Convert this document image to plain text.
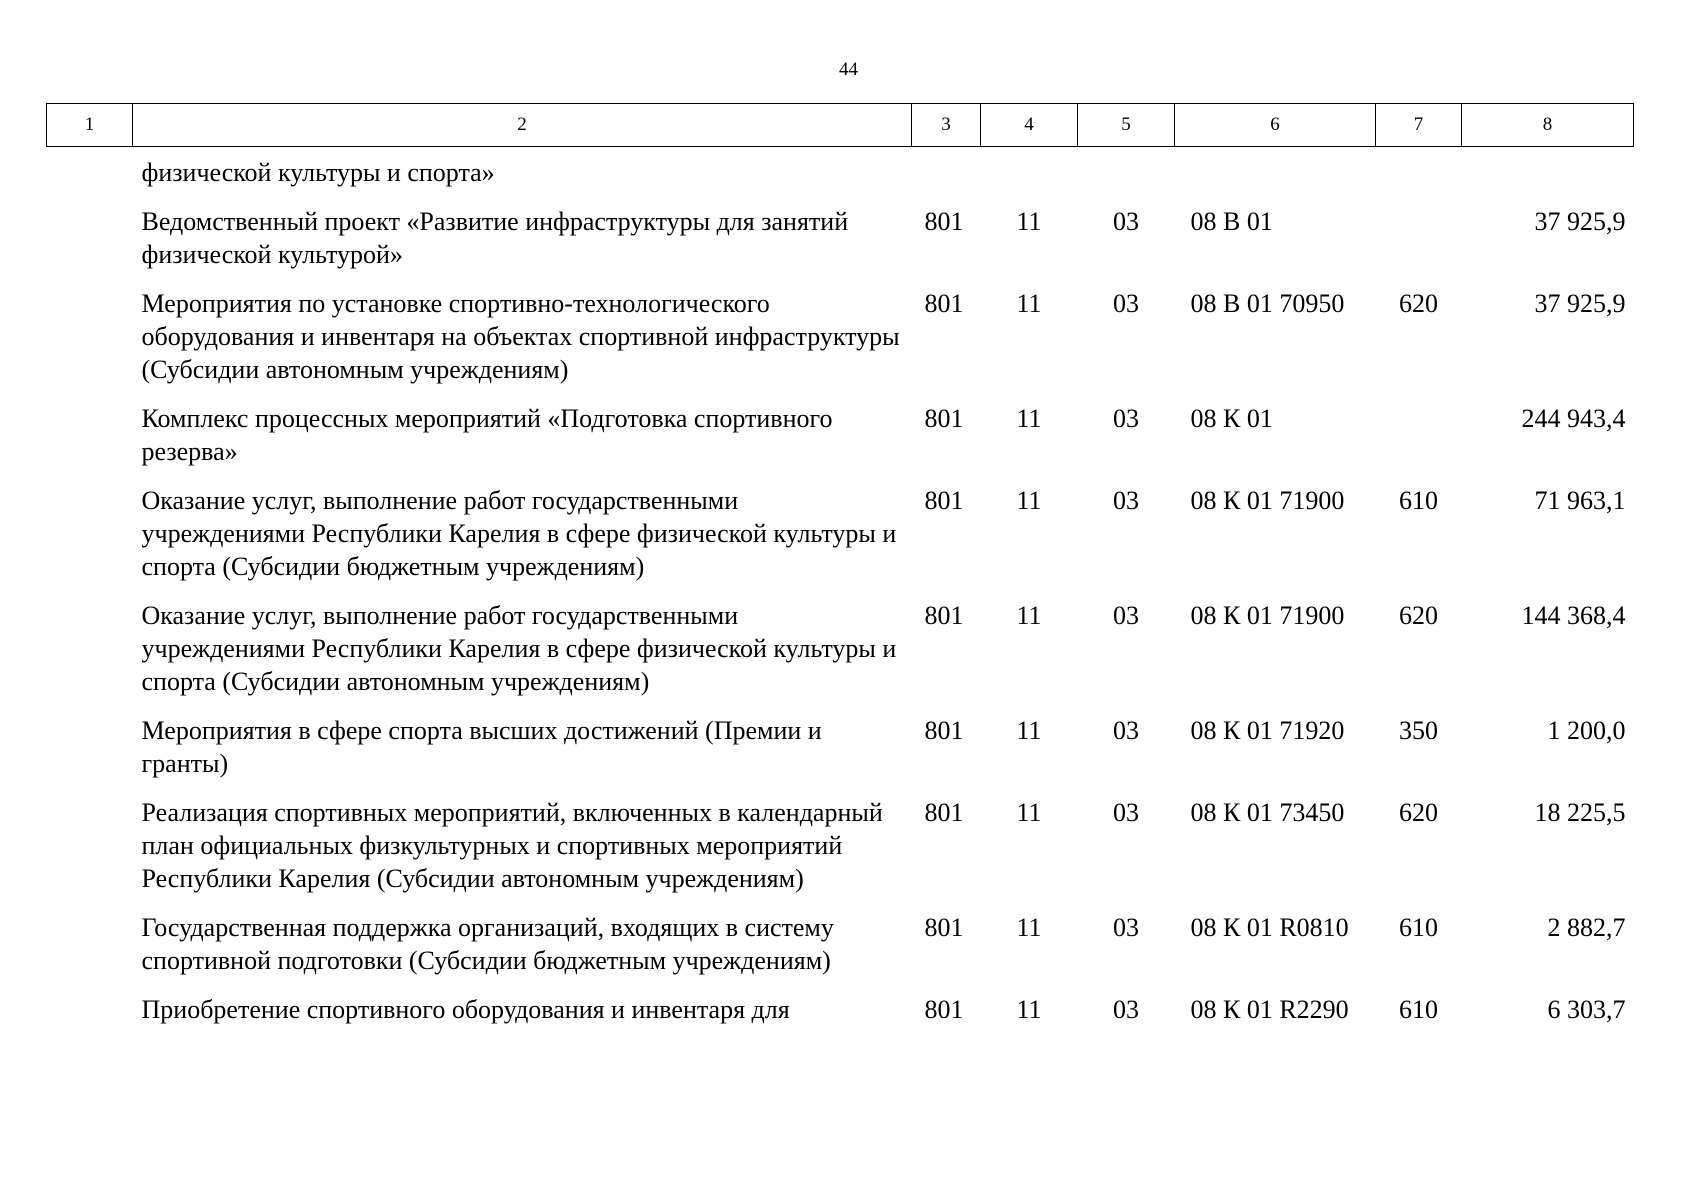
44
1	2	3	4	5	6	7	8
	физической культуры и спорта»						
	Ведомственный проект «Развитие инфраструктуры для занятий физической культурой»	801	11	03	08 В 01		37 925,9
	Мероприятия по установке спортивно-технологического оборудования и инвентаря на объектах спортивной инфраструктуры (Субсидии автономным учреждениям)	801	11	03	08 В 01 70950	620	37 925,9
	Комплекс процессных мероприятий «Подготовка спортивного резерва»	801	11	03	08 К 01		244 943,4
	Оказание услуг, выполнение работ государственными учреждениями Республики Карелия в сфере физической культуры и спорта (Субсидии бюджетным учреждениям)	801	11	03	08 К 01 71900	610	71 963,1
	Оказание услуг, выполнение работ государственными учреждениями Республики Карелия в сфере физической культуры и спорта (Субсидии автономным учреждениям)	801	11	03	08 К 01 71900	620	144 368,4
	Мероприятия в сфере спорта высших достижений (Премии и гранты)	801	11	03	08 К 01 71920	350	1 200,0
	Реализация спортивных мероприятий, включенных в календарный план официальных физкультурных и спортивных мероприятий Республики Карелия (Субсидии автономным учреждениям)	801	11	03	08 К 01 73450	620	18 225,5
	Государственная поддержка организаций, входящих в систему спортивной подготовки (Субсидии бюджетным учреждениям)	801	11	03	08 К 01 R0810	610	2 882,7
	Приобретение спортивного оборудования и инвентаря для	801	11	03	08 К 01 R2290	610	6 303,7
